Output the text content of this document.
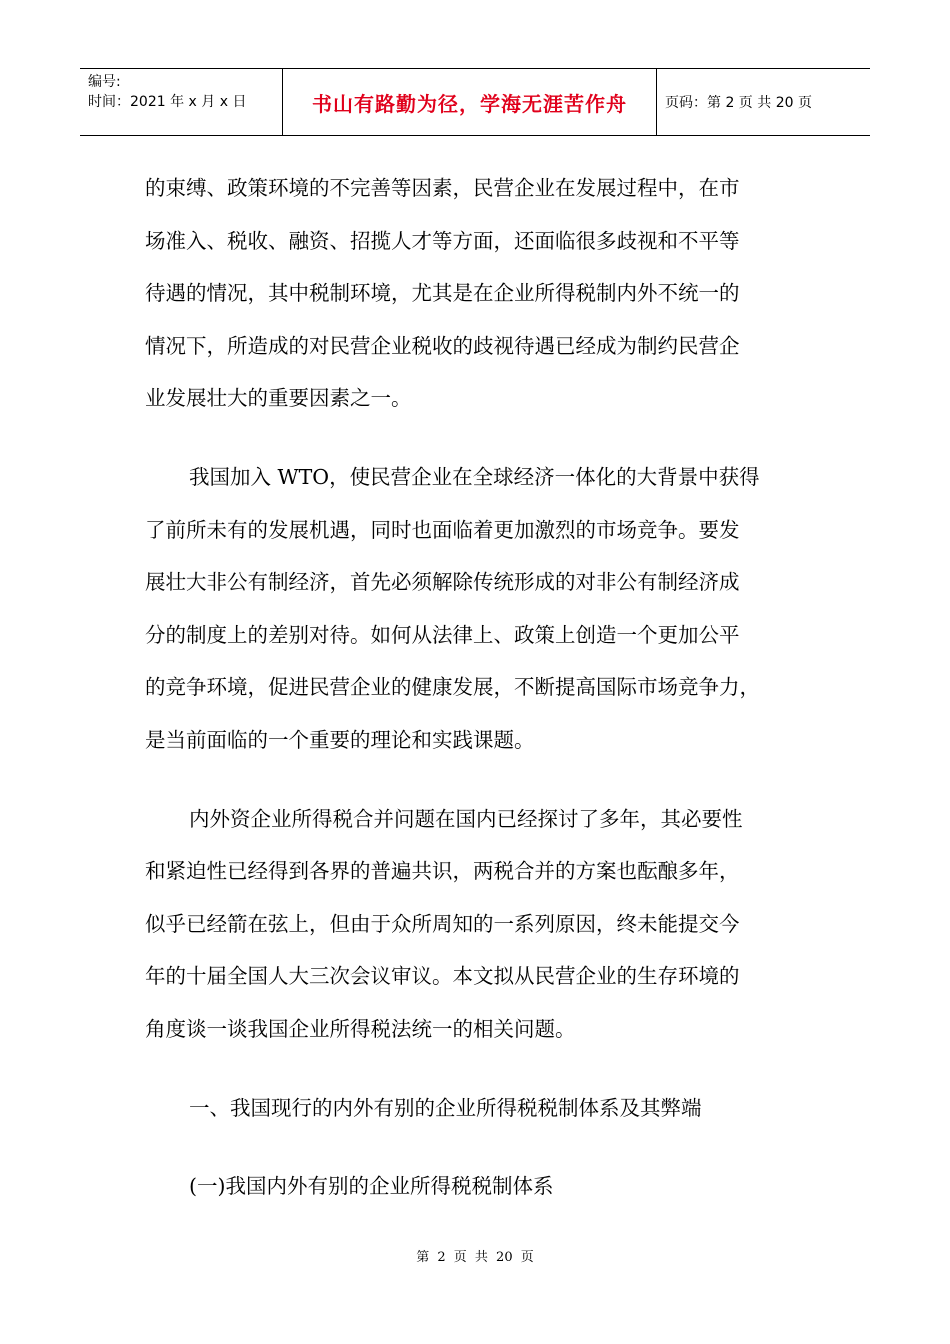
编号:
时间：2021 年 x 月 x 日	书山有路勤为径，学海无涯苦作舟	页码：第 2 页 共 20 页
的束缚、政策环境的不完善等因素，民营企业在发展过程中，在市
场准入、税收、融资、招揽人才等方面，还面临很多歧视和不平等
待遇的情况，其中税制环境，尤其是在企业所得税制内外不统一的
情况下，所造成的对民营企业税收的歧视待遇已经成为制约民营企
业发展壮大的重要因素之一。
我国加入 WTO，使民营企业在全球经济一体化的大背景中获得
了前所未有的发展机遇，同时也面临着更加激烈的市场竞争。要发
展壮大非公有制经济，首先必须解除传统形成的对非公有制经济成
分的制度上的差别对待。如何从法律上、政策上创造一个更加公平
的竞争环境，促进民营企业的健康发展，不断提高国际市场竞争力，
是当前面临的一个重要的理论和实践课题。
内外资企业所得税合并问题在国内已经探讨了多年，其必要性
和紧迫性已经得到各界的普遍共识，两税合并的方案也酝酿多年，
似乎已经箭在弦上，但由于众所周知的一系列原因，终未能提交今
年的十届全国人大三次会议审议。本文拟从民营企业的生存环境的
角度谈一谈我国企业所得税法统一的相关问题。
一、我国现行的内外有别的企业所得税税制体系及其弊端
(一)我国内外有别的企业所得税税制体系
第 2 页 共 20 页
